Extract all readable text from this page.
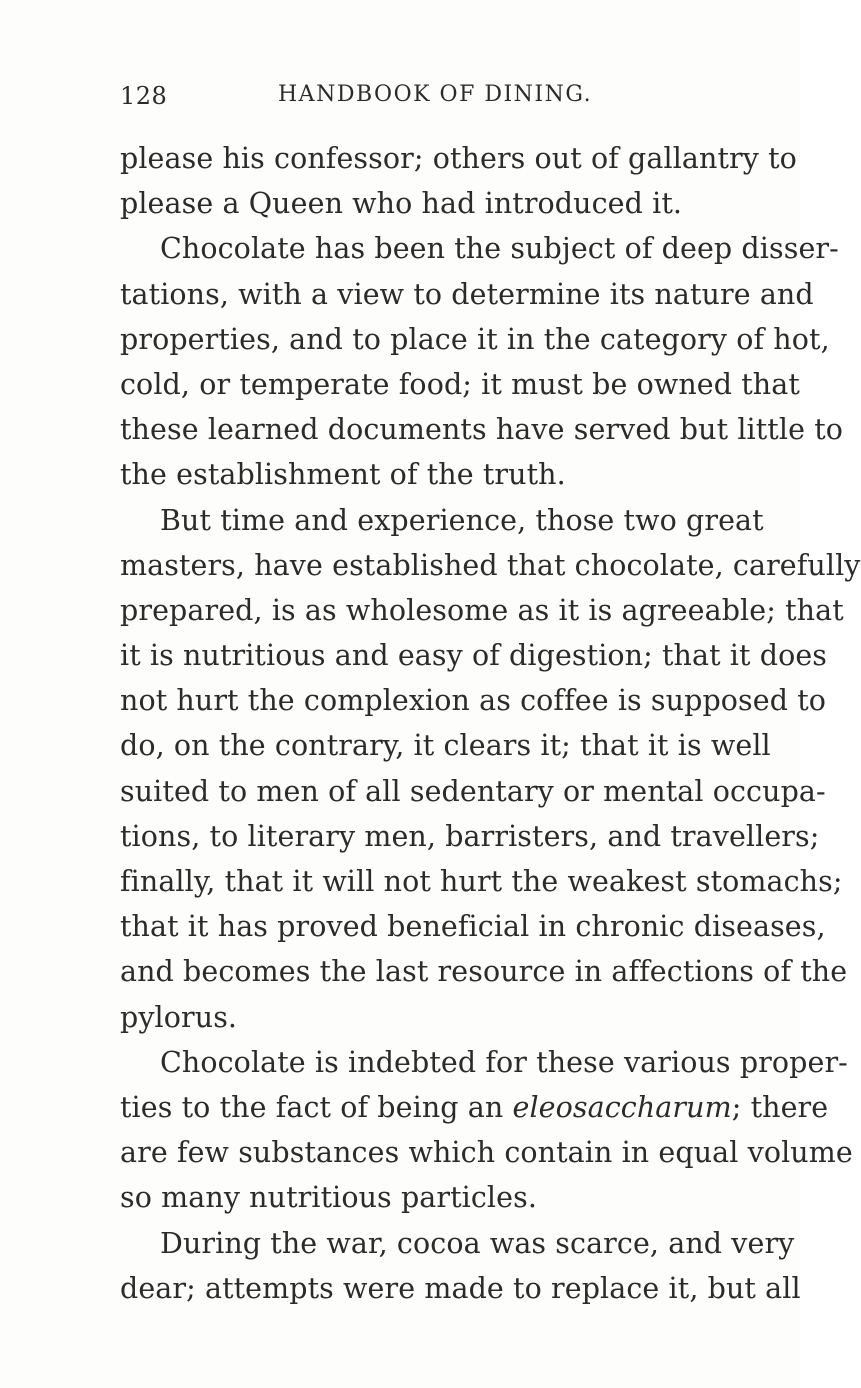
128	HANDBOOK OF DINING.
please his confessor; others out of gallantry to
please a Queen who had introduced it.
Chocolate has been the subject of deep disser-
tations, with a view to determine its nature and
properties, and to place it in the category of hot,
cold, or temperate food; it must be owned that
these learned documents have served but little to
the establishment of the truth.
But time and experience, those two great
masters, have established that chocolate, carefully
prepared, is as wholesome as it is agreeable; that
it is nutritious and easy of digestion; that it does
not hurt the complexion as coffee is supposed to
do, on the contrary, it clears it; that it is well
suited to men of all sedentary or mental occupa-
tions, to literary men, barristers, and travellers;
finally, that it will not hurt the weakest stomachs;
that it has proved beneficial in chronic diseases,
and becomes the last resource in affections of the
pylorus.
Chocolate is indebted for these various proper-
ties to the fact of being an eleosaccharum; there
are few substances which contain in equal volume
so many nutritious particles.
During the war, cocoa was scarce, and very
dear; attempts were made to replace it, but all
